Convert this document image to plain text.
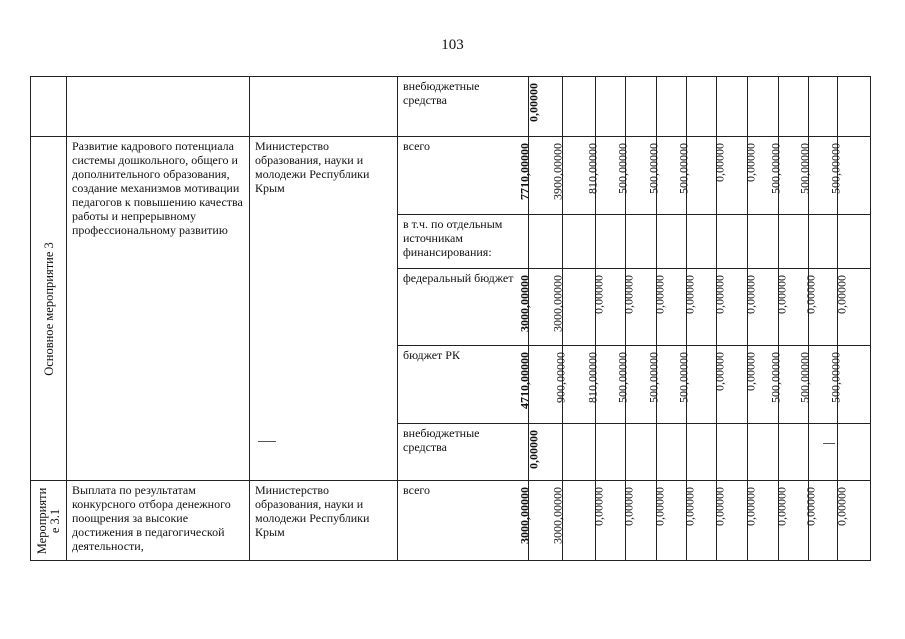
103
			внебюджетные средства	0,00000										

Основное мероприятие 3	Развитие кадрового потенциала системы дошкольного, общего и дополнительного образования, создание механизмов мотивации педагогов к повышению качества работы и непрерывному профессиональному развитию	Министерство образования, науки и молодежи Республики Крым	всего	7710,00000	3900,00000	810,00000	500,00000	500,00000	500,00000	0,00000	0,00000	500,00000	500,00000	500,00000

			в т.ч. по отдельным источникам финансирования:											
			федеральный бюджет	3000,00000	3000,00000	0,00000	0,00000	0,00000	0,00000	0,00000	0,00000	0,00000	0,00000	0,00000

			бюджет РК	4710,00000	900,00000	810,00000	500,00000	500,00000	500,00000	0,00000	0,00000	500,00000	500,00000	500,00000

			внебюджетные средства	0,00000										

Мероприяти
е 3.1	Выплата по результатам конкурсного отбора денежного поощрения за высокие достижения в педагогической деятельности,	Министерство образования, науки и молодежи Республики Крым	всего	3000,00000	3000,00000	0,00000	0,00000	0,00000	0,00000	0,00000	0,00000	0,00000	0,00000	0,00000
